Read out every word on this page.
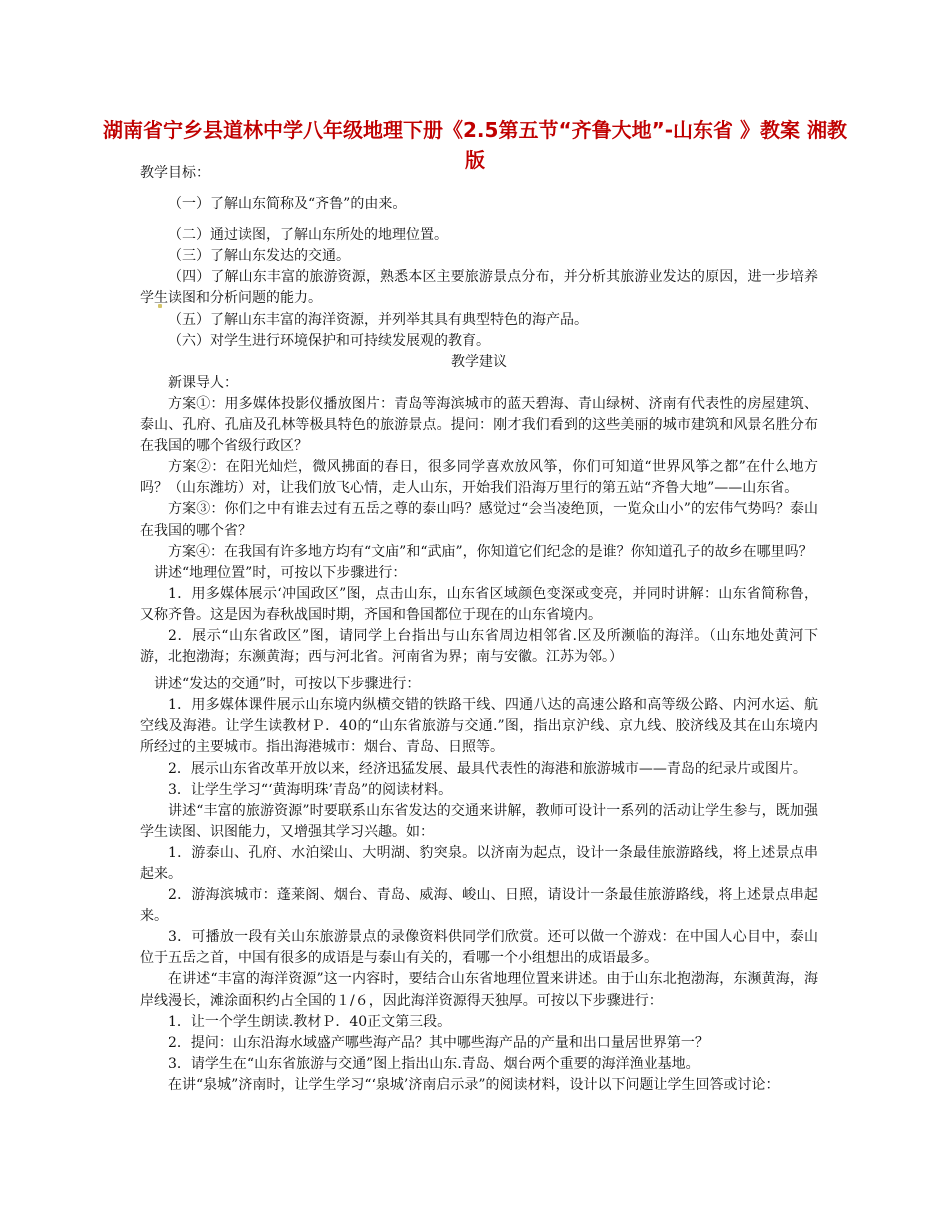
湖南省宁乡县道林中学八年级地理下册《2.5第五节“齐鲁大地”-山东省 》教案 湘教版

教学目标：

（一）了解山东简称及“齐鲁”的由来。

（二）通过读图，了解山东所处的地理位置。

（三）了解山东发达的交通。

（四）了解山东丰富的旅游资源，熟悉本区主要旅游景点分布，并分析其旅游业发达的原因，进一步培养学生读图和分析问题的能力。

（五）了解山东丰富的海洋资源，并列举其具有典型特色的海产品。

（六）对学生进行环境保护和可持续发展观的教育。

教学建议

新课导人：

方案①：用多媒体投影仪播放图片：青岛等海滨城市的蓝天碧海、青山绿树、济南有代表性的房屋建筑、泰山、孔府、孔庙及孔林等极具特色的旅游景点。提问：刚才我们看到的这些美丽的城市建筑和风景名胜分布在我国的哪个省级行政区？

方案②：在阳光灿烂，微风拂面的春日，很多同学喜欢放风筝，你们可知道“世界风筝之都”在什么地方吗？（山东潍坊）对，让我们放飞心情，走人山东，开始我们沿海万里行的第五站“齐鲁大地”——山东省。

方案③：你们之中有谁去过有五岳之尊的泰山吗？感觉过“会当凌绝顶，一览众山小”的宏伟气势吗？泰山在我国的哪个省？

方案④：在我国有许多地方均有“文庙”和“武庙”，你知道它们纪念的是谁？你知道孔子的故乡在哪里吗？

讲述“地理位置”时，可按以下步骤进行：

1．用多媒体展示‘冲国政区”图，点击山东，山东省区域颜色变深或变亮，并同时讲解：山东省简称鲁，又称齐鲁。这是因为春秋战国时期，齐国和鲁国都位于现在的山东省境内。

2．展示“山东省政区”图，请同学上台指出与山东省周边相邻省.区及所濒临的海洋。（山东地处黄河下游，北抱渤海；东濒黄海；西与河北省。河南省为界；南与安徽。江苏为邻。）

讲述“发达的交通”时，可按以下步骤进行：

1．用多媒体课件展示山东境内纵横交错的铁路干线、四通八达的高速公路和高等级公路、内河水运、航空线及海港。让学生读教材Ｐ．40的“山东省旅游与交通.”图，指出京沪线、京九线、胶济线及其在山东境内所经过的主要城市。指出海港城市：烟台、青岛、日照等。

2．展示山东省改革开放以来，经济迅猛发展、最具代表性的海港和旅游城市——青岛的纪录片或图片。

3．让学生学习“‘黄海明珠’青岛”的阅读材料。

讲述“丰富的旅游资源”时要联系山东省发达的交通来讲解，教师可设计一系列的活动让学生参与，既加强学生读图、识图能力，又增强其学习兴趣。如：

1．游泰山、孔府、水泊梁山、大明湖、豹突泉。以济南为起点，设计一条最佳旅游路线，将上述景点串起来。

2．游海滨城市：蓬莱阁、烟台、青岛、威海、峻山、日照，请设计一条最佳旅游路线，将上述景点串起来。

3．可播放一段有关山东旅游景点的录像资料供同学们欣赏。还可以做一个游戏：在中国人心目中，泰山位于五岳之首，中国有很多的成语是与泰山有关的，看哪一个小组想出的成语最多。

在讲述“丰富的海洋资源”这一内容时，要结合山东省地理位置来讲述。由于山东北抱渤海，东濒黄海，海岸线漫长，滩涂面积约占全国的１/６，因此海洋资源得天独厚。可按以下步骤进行：

1．让一个学生朗读.教材Ｐ．40正文第三段。

2．提问：山东沿海水域盛产哪些海产品？其中哪些海产品的产量和出口量居世界第一？

3．请学生在“山东省旅游与交通”图上指出山东.青岛、烟台两个重要的海洋渔业基地。

在讲“泉城”济南时，让学生学习“‘泉城’济南启示录”的阅读材料，设计以下问题让学生回答或讨论：
